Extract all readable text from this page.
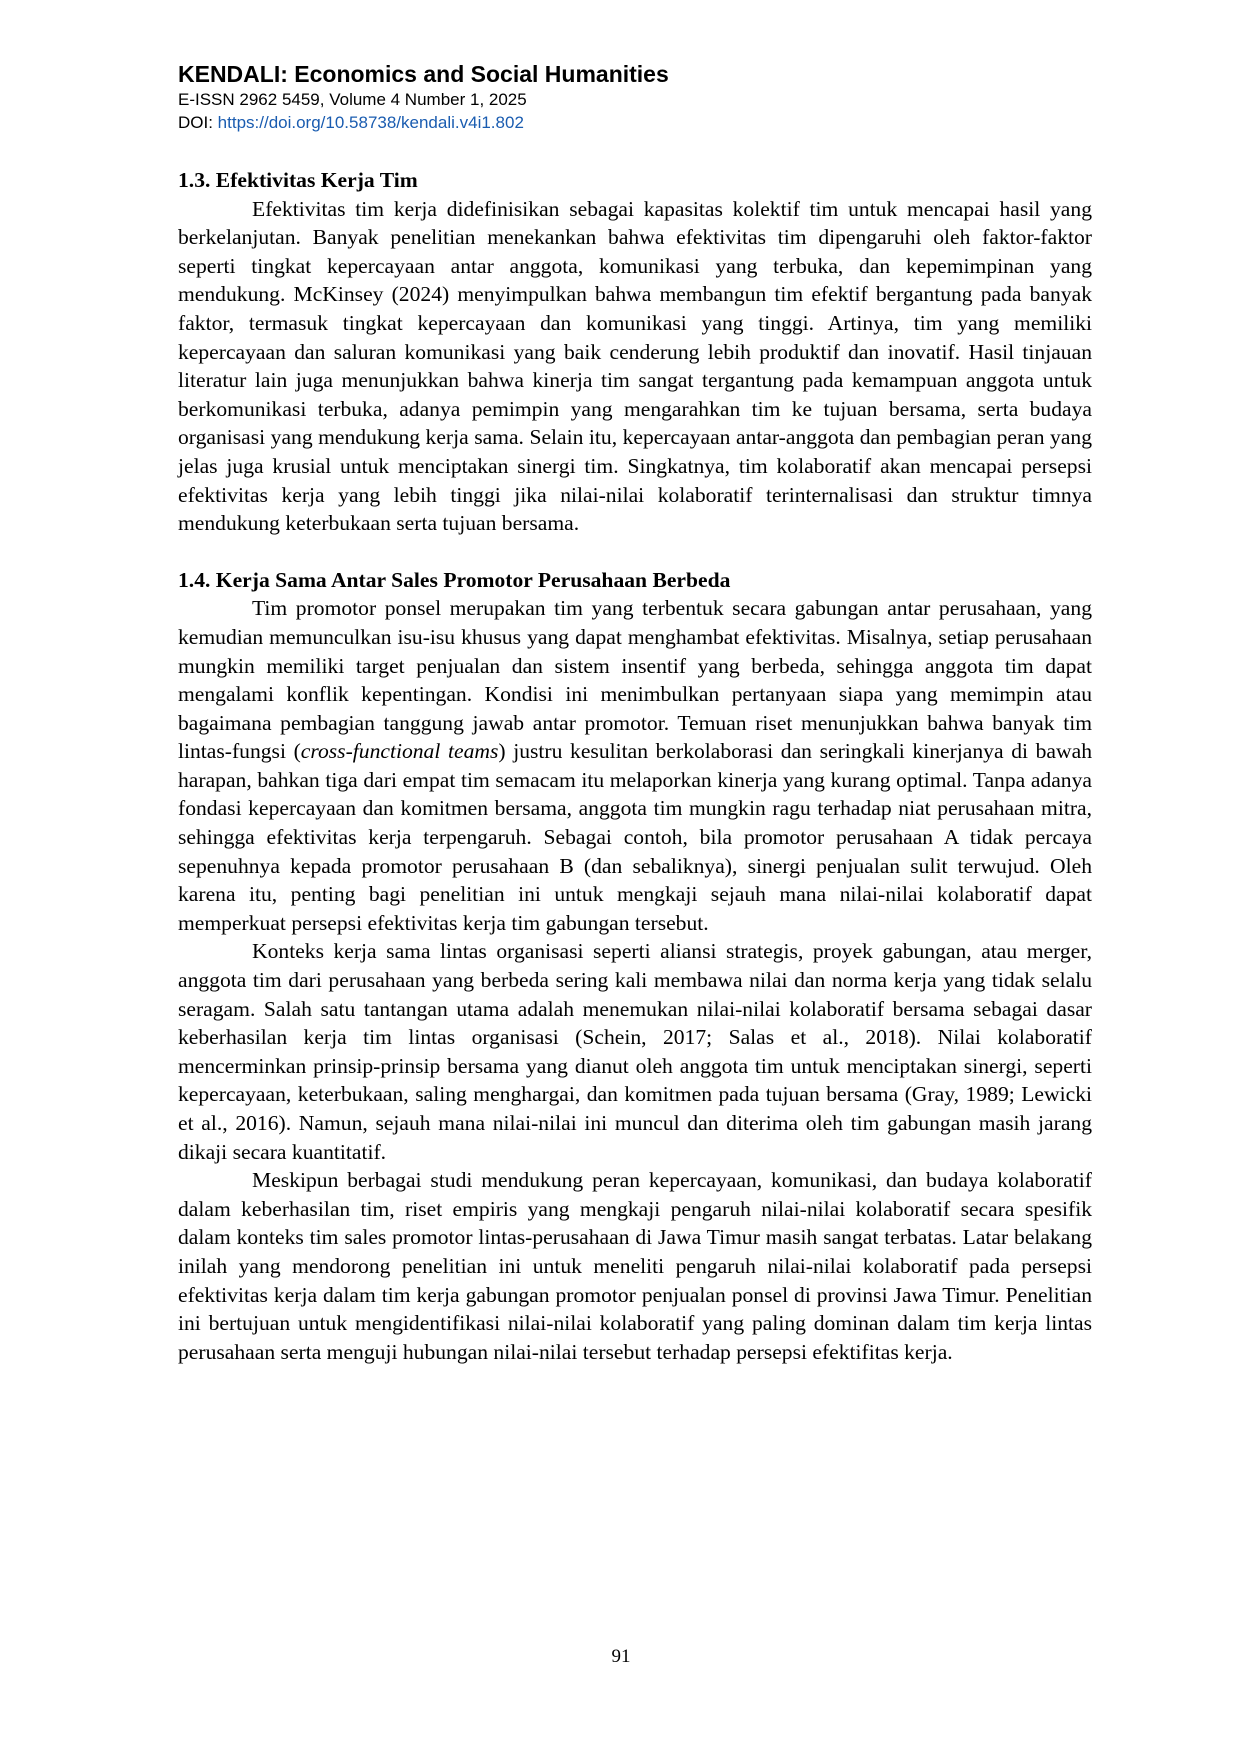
KENDALI: Economics and Social Humanities
E-ISSN 2962 5459, Volume 4 Number 1, 2025
DOI: https://doi.org/10.58738/kendali.v4i1.802

1.3. Efektivitas Kerja Tim

Efektivitas tim kerja didefinisikan sebagai kapasitas kolektif tim untuk mencapai hasil yang berkelanjutan. Banyak penelitian menekankan bahwa efektivitas tim dipengaruhi oleh faktor-faktor seperti tingkat kepercayaan antar anggota, komunikasi yang terbuka, dan kepemimpinan yang mendukung. McKinsey (2024) menyimpulkan bahwa membangun tim efektif bergantung pada banyak faktor, termasuk tingkat kepercayaan dan komunikasi yang tinggi. Artinya, tim yang memiliki kepercayaan dan saluran komunikasi yang baik cenderung lebih produktif dan inovatif. Hasil tinjauan literatur lain juga menunjukkan bahwa kinerja tim sangat tergantung pada kemampuan anggota untuk berkomunikasi terbuka, adanya pemimpin yang mengarahkan tim ke tujuan bersama, serta budaya organisasi yang mendukung kerja sama. Selain itu, kepercayaan antar-anggota dan pembagian peran yang jelas juga krusial untuk menciptakan sinergi tim. Singkatnya, tim kolaboratif akan mencapai persepsi efektivitas kerja yang lebih tinggi jika nilai-nilai kolaboratif terinternalisasi dan struktur timnya mendukung keterbukaan serta tujuan bersama.

1.4. Kerja Sama Antar Sales Promotor Perusahaan Berbeda

Tim promotor ponsel merupakan tim yang terbentuk secara gabungan antar perusahaan, yang kemudian memunculkan isu-isu khusus yang dapat menghambat efektivitas. Misalnya, setiap perusahaan mungkin memiliki target penjualan dan sistem insentif yang berbeda, sehingga anggota tim dapat mengalami konflik kepentingan. Kondisi ini menimbulkan pertanyaan siapa yang memimpin atau bagaimana pembagian tanggung jawab antar promotor. Temuan riset menunjukkan bahwa banyak tim lintas-fungsi (cross-functional teams) justru kesulitan berkolaborasi dan seringkali kinerjanya di bawah harapan, bahkan tiga dari empat tim semacam itu melaporkan kinerja yang kurang optimal. Tanpa adanya fondasi kepercayaan dan komitmen bersama, anggota tim mungkin ragu terhadap niat perusahaan mitra, sehingga efektivitas kerja terpengaruh. Sebagai contoh, bila promotor perusahaan A tidak percaya sepenuhnya kepada promotor perusahaan B (dan sebaliknya), sinergi penjualan sulit terwujud. Oleh karena itu, penting bagi penelitian ini untuk mengkaji sejauh mana nilai-nilai kolaboratif dapat memperkuat persepsi efektivitas kerja tim gabungan tersebut.

Konteks kerja sama lintas organisasi seperti aliansi strategis, proyek gabungan, atau merger, anggota tim dari perusahaan yang berbeda sering kali membawa nilai dan norma kerja yang tidak selalu seragam. Salah satu tantangan utama adalah menemukan nilai-nilai kolaboratif bersama sebagai dasar keberhasilan kerja tim lintas organisasi (Schein, 2017; Salas et al., 2018). Nilai kolaboratif mencerminkan prinsip-prinsip bersama yang dianut oleh anggota tim untuk menciptakan sinergi, seperti kepercayaan, keterbukaan, saling menghargai, dan komitmen pada tujuan bersama (Gray, 1989; Lewicki et al., 2016). Namun, sejauh mana nilai-nilai ini muncul dan diterima oleh tim gabungan masih jarang dikaji secara kuantitatif.

Meskipun berbagai studi mendukung peran kepercayaan, komunikasi, dan budaya kolaboratif dalam keberhasilan tim, riset empiris yang mengkaji pengaruh nilai-nilai kolaboratif secara spesifik dalam konteks tim sales promotor lintas-perusahaan di Jawa Timur masih sangat terbatas. Latar belakang inilah yang mendorong penelitian ini untuk meneliti pengaruh nilai-nilai kolaboratif pada persepsi efektivitas kerja dalam tim kerja gabungan promotor penjualan ponsel di provinsi Jawa Timur. Penelitian ini bertujuan untuk mengidentifikasi nilai-nilai kolaboratif yang paling dominan dalam tim kerja lintas perusahaan serta menguji hubungan nilai-nilai tersebut terhadap persepsi efektifitas kerja.

91
